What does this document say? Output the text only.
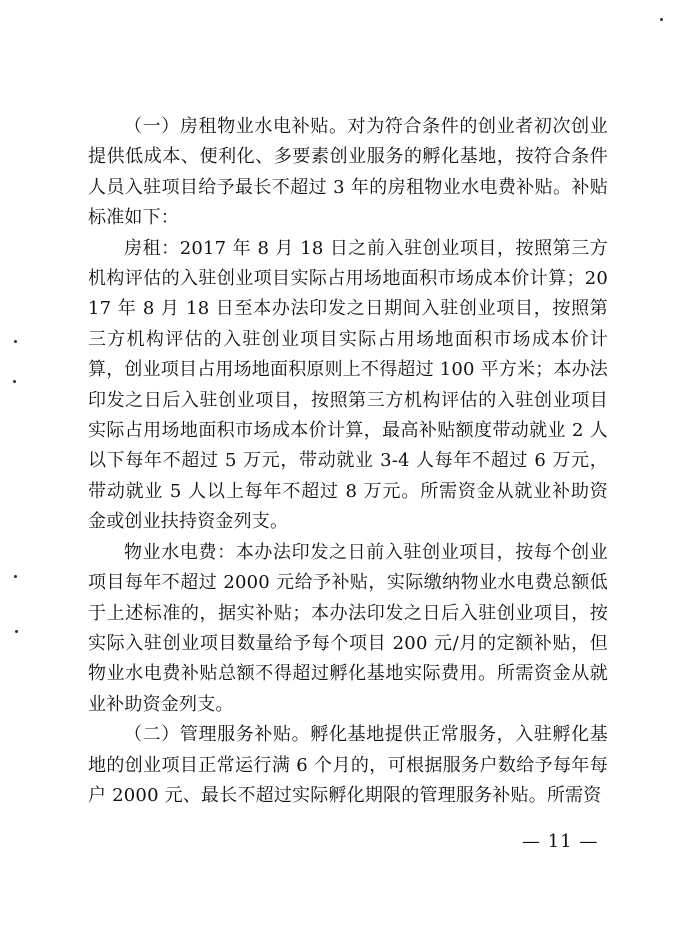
（一）房租物业水电补贴。对为符合条件的创业者初次创业提供低成本、便利化、多要素创业服务的孵化基地，按符合条件人员入驻项目给予最长不超过 3 年的房租物业水电费补贴。补贴标准如下：

房租：2017 年 8 月 18 日之前入驻创业项目，按照第三方机构评估的入驻创业项目实际占用场地面积市场成本价计算；2017 年 8 月 18 日至本办法印发之日期间入驻创业项目，按照第三方机构评估的入驻创业项目实际占用场地面积市场成本价计算，创业项目占用场地面积原则上不得超过 100 平方米；本办法印发之日后入驻创业项目，按照第三方机构评估的入驻创业项目实际占用场地面积市场成本价计算，最高补贴额度带动就业 2 人以下每年不超过 5 万元，带动就业 3-4 人每年不超过 6 万元，带动就业 5 人以上每年不超过 8 万元。所需资金从就业补助资金或创业扶持资金列支。

物业水电费：本办法印发之日前入驻创业项目，按每个创业项目每年不超过 2000 元给予补贴，实际缴纳物业水电费总额低于上述标准的，据实补贴；本办法印发之日后入驻创业项目，按实际入驻创业项目数量给予每个项目 200 元/月的定额补贴，但物业水电费补贴总额不得超过孵化基地实际费用。所需资金从就业补助资金列支。

（二）管理服务补贴。孵化基地提供正常服务，入驻孵化基地的创业项目正常运行满 6 个月的，可根据服务户数给予每年每户 2000 元、最长不超过实际孵化期限的管理服务补贴。所需资

— 11 —
